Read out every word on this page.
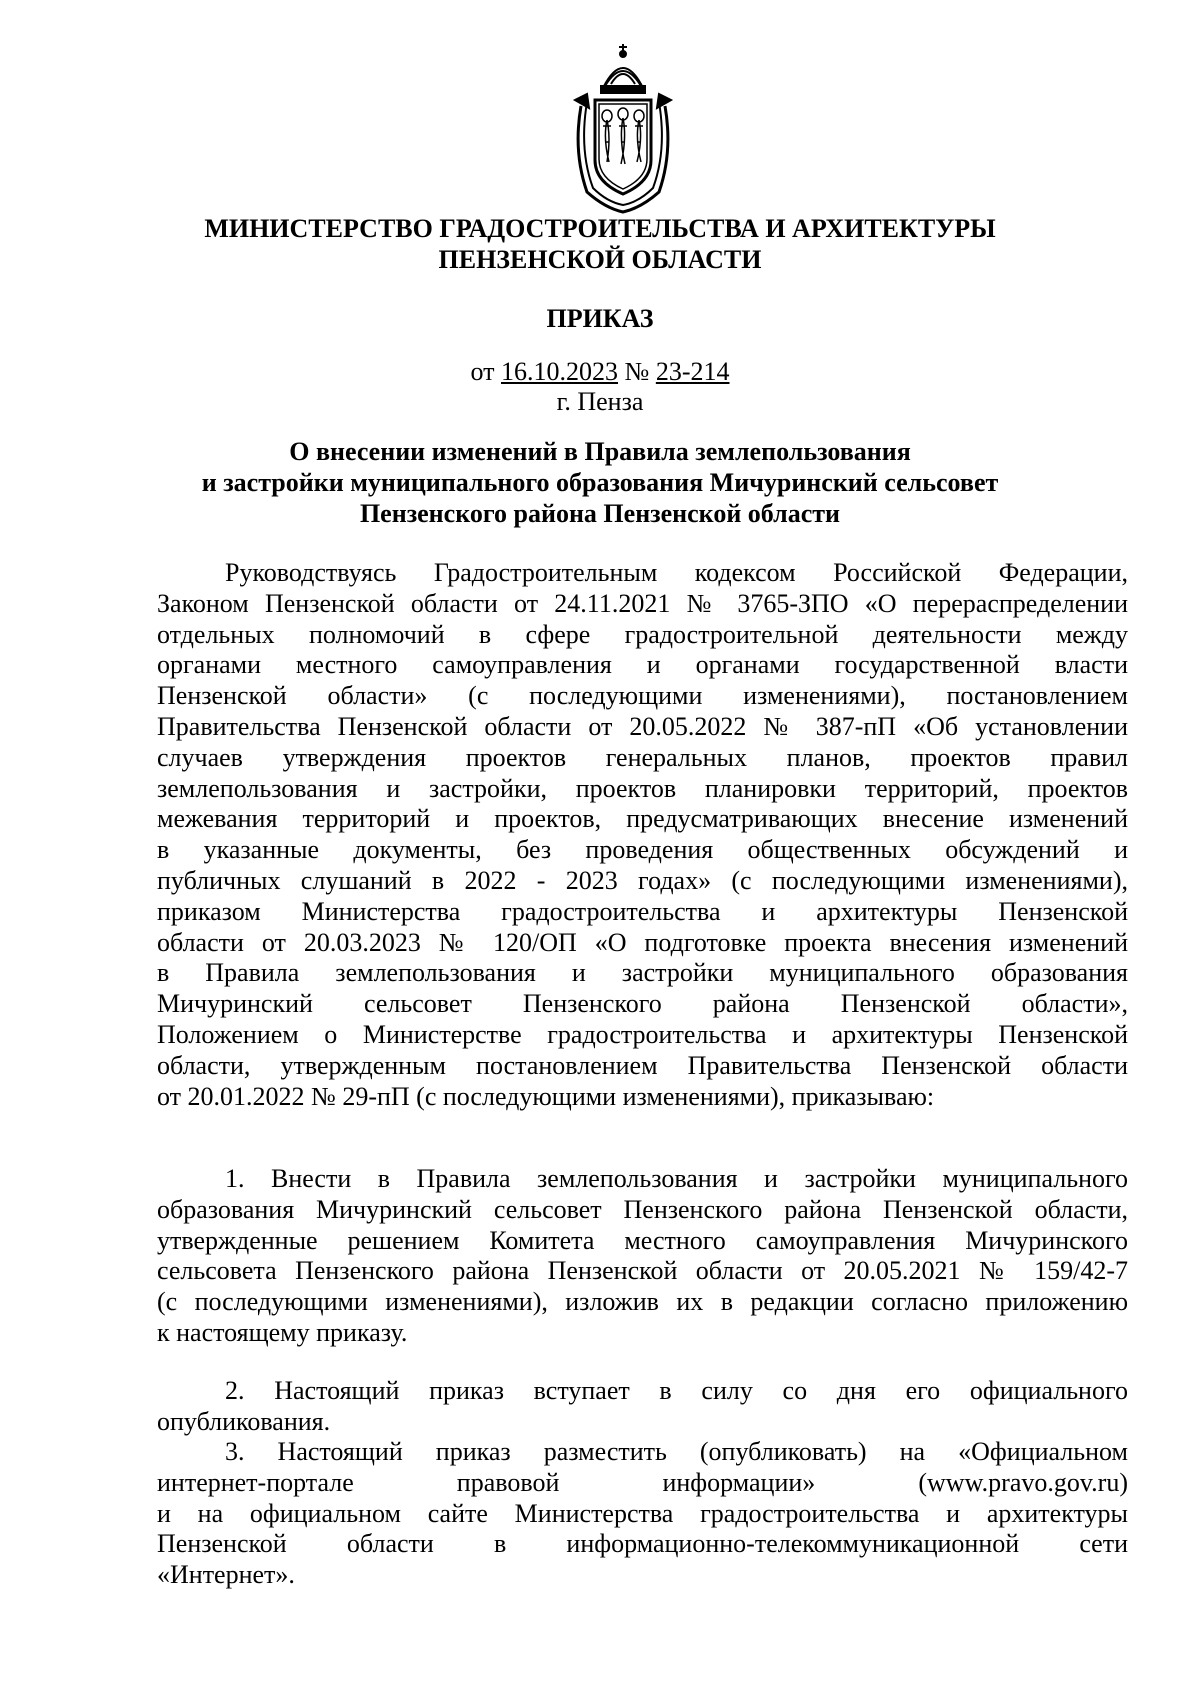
МИНИСТЕРСТВО ГРАДОСТРОИТЕЛЬСТВА И АРХИТЕКТУРЫ
ПЕНЗЕНСКОЙ ОБЛАСТИ
ПРИКАЗ
от 16.10.2023 № 23-214
г. Пенза
О внесении изменений в Правила землепользования
и застройки муниципального образования Мичуринский сельсовет
Пензенского района Пензенской области
Руководствуясь Градостроительным кодексом Российской Федерации,
Законом Пензенской области от 24.11.2021 № 3765-ЗПО «О перераспределении
отдельных полномочий в сфере градостроительной деятельности между
органами местного самоуправления и органами государственной власти
Пензенской области» (с последующими изменениями), постановлением
Правительства Пензенской области от 20.05.2022 № 387-пП «Об установлении
случаев утверждения проектов генеральных планов, проектов правил
землепользования и застройки, проектов планировки территорий, проектов
межевания территорий и проектов, предусматривающих внесение изменений
в указанные документы, без проведения общественных обсуждений и
публичных слушаний в 2022 - 2023 годах» (с последующими изменениями),
приказом Министерства градостроительства и архитектуры Пензенской
области от 20.03.2023 № 120/ОП «О подготовке проекта внесения изменений
в Правила землепользования и застройки муниципального образования
Мичуринский сельсовет Пензенского района Пензенской области»,
Положением о Министерстве градостроительства и архитектуры Пензенской
области, утвержденным постановлением Правительства Пензенской области
от 20.01.2022 № 29-пП (с последующими изменениями), приказываю:
1. Внести в Правила землепользования и застройки муниципального
образования Мичуринский сельсовет Пензенского района Пензенской области,
утвержденные решением Комитета местного самоуправления Мичуринского
сельсовета Пензенского района Пензенской области от 20.05.2021 № 159/42-7
(с последующими изменениями), изложив их в редакции согласно приложению
к настоящему приказу.
2. Настоящий приказ вступает в силу со дня его официального
опубликования.
3. Настоящий приказ разместить (опубликовать) на «Официальном
интернет-портале правовой информации» (www.pravo.gov.ru)
и на официальном сайте Министерства градостроительства и архитектуры
Пензенской области в информационно-телекоммуникационной сети
«Интернет».
